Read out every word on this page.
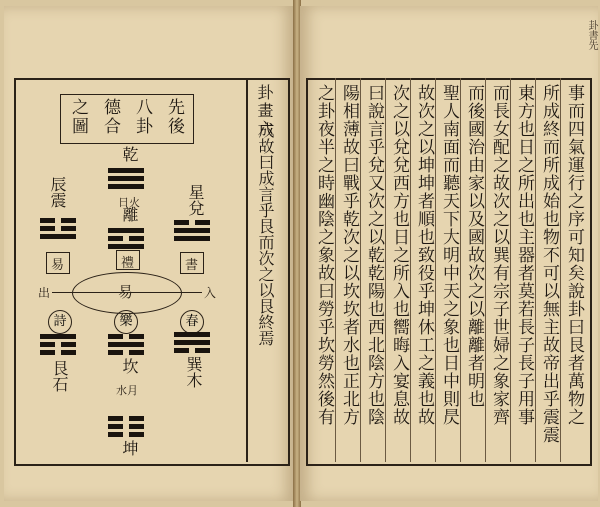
先後
八卦
德合
之圖	卦畫六
成故曰成言乎艮而次之以艮終焉
乾
日火
離
辰震	星兌
出	入
易	禮	書
易
樂	春
詩
艮石	坎
水月
巽木
坤
事而四氣運行之序可知矣說卦曰艮者萬物之
所成終而所成始也物不可以無主故帝出乎震震
東方也日之所出也主器者莫若長子長子用事
而長女配之故次之以巽有宗子世婦之象家齊
而後國治由家以及國故次之以離離者明也
聖人南面而聽天下大明中天之象也日中則昃
故次之以坤坤者順也致役乎坤休工之義也故
次之以兌兌西方也日之所入也嚮晦入宴息故
曰說言乎兌又次之以乾乾陽也西北陰方也陰
陽相薄故曰戰乎乾次之以坎坎者水也正北方
之卦夜半之時幽陰之象故曰勞乎坎勞然後有
卦書先
